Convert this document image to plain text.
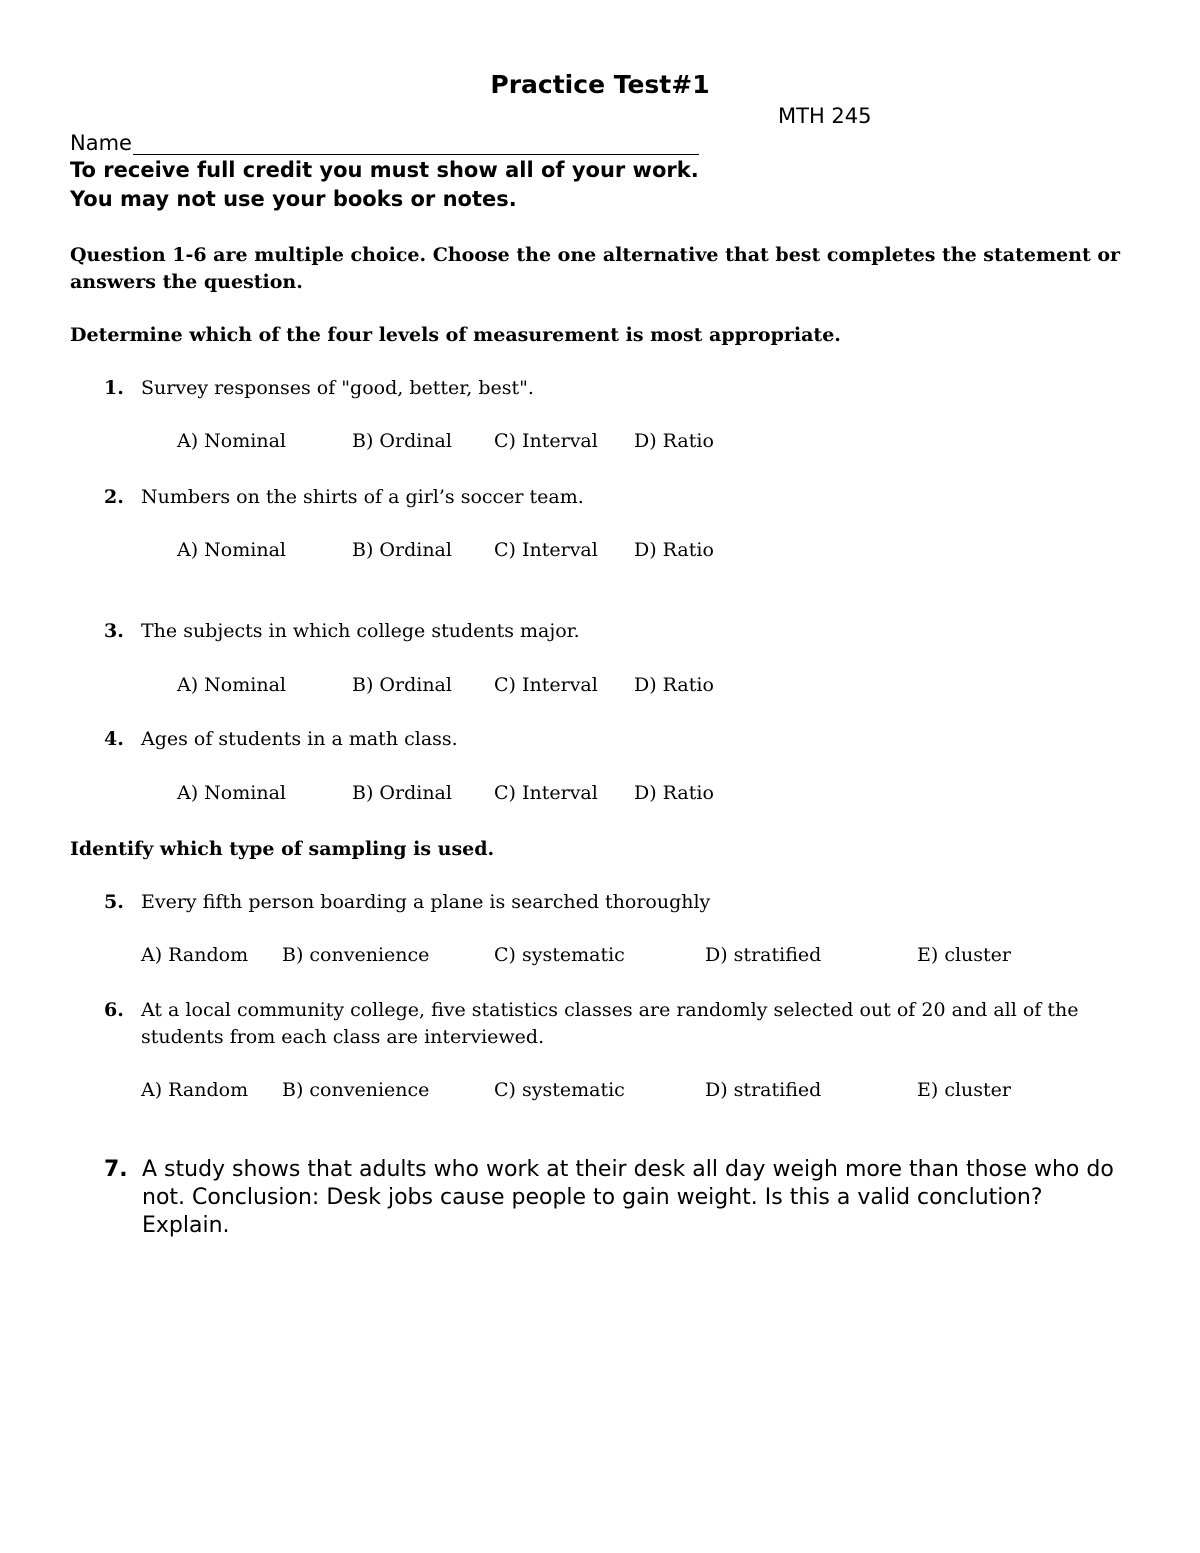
Practice Test#1
MTH 245
Name
To receive full credit you must show all of your work.
You may not use your books or notes.
Question 1-6 are multiple choice. Choose the one alternative that best completes the statement or answers the question.
Determine which of the four levels of measurement is most appropriate.
1. Survey responses of "good, better, best".
A) Nominal	B) Ordinal C) Interval D) Ratio
2. Numbers on the shirts of a girl’s soccer team.
A) Nominal	B) Ordinal C) Interval D) Ratio
3. The subjects in which college students major.
A) Nominal	B) Ordinal C) Interval D) Ratio
4. Ages of students in a math class.
A) Nominal	B) Ordinal C) Interval D) Ratio
Identify which type of sampling is used.
5. Every fifth person boarding a plane is searched thoroughly
A) Random B) convenience	C) systematic	D) stratified	E) cluster
6. At a local community college, five statistics classes are randomly selected out of 20 and all of the
students from each class are interviewed.
A) Random B) convenience	C) systematic	D) stratified	E) cluster
7. A study shows that adults who work at their desk all day weigh more than those who do not. Conclusion: Desk jobs cause people to gain weight. Is this a valid conclution? Explain.
